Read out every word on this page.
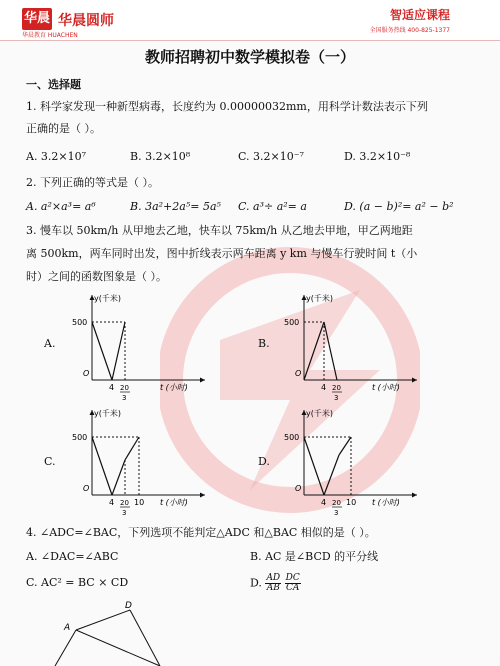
华晨
华晨教育 HUACHEN
华晨圆师	智适应课程
全国服务热线 400-825-1377
教师招聘初中数学模拟卷（一）
一、选择题
1. 科学家发现一种新型病毒，长度约为 0.00000032mm，用科学计数法表示下列
正确的是（ ）。
A. 3.2×10⁷	B. 3.2×10⁸	C. 3.2×10⁻⁷	D. 3.2×10⁻⁸
2. 下列正确的等式是（ ）。
A. a²×a³= a⁶	B. 3a²+2a⁵= 5a⁵ C. a³÷ a²= a	D. (a − b)²= a² − b²
3. 慢车以 50km/h 从甲地去乙地，快车以 75km/h 从乙地去甲地，甲乙两地距
离 500km，两车同时出发，图中折线表示两车距离 y km 与慢车行驶时间 t（小
时）之间的函数图象是（ ）。
A.	B.
C.	D.
y(千米)
500
O
4 20
3
t (小时)
y(千米)
500
O
4 20
3
t (小时)
y(千米)
500
O
4 20
3
10 t (小时)
y(千米)
500
O
4 20
3
10 t (小时)
4. ∠ADC=∠BAC，下列选项不能判定△ADC 和△BAC 相似的是（ ）。
A. ∠DAC=∠ABC	B. AC 是∠BCD 的平分线
C. AC² = BC × CD	D. $\frac{AD}{AB}$
$\frac{DC}{CA}$
A
D
